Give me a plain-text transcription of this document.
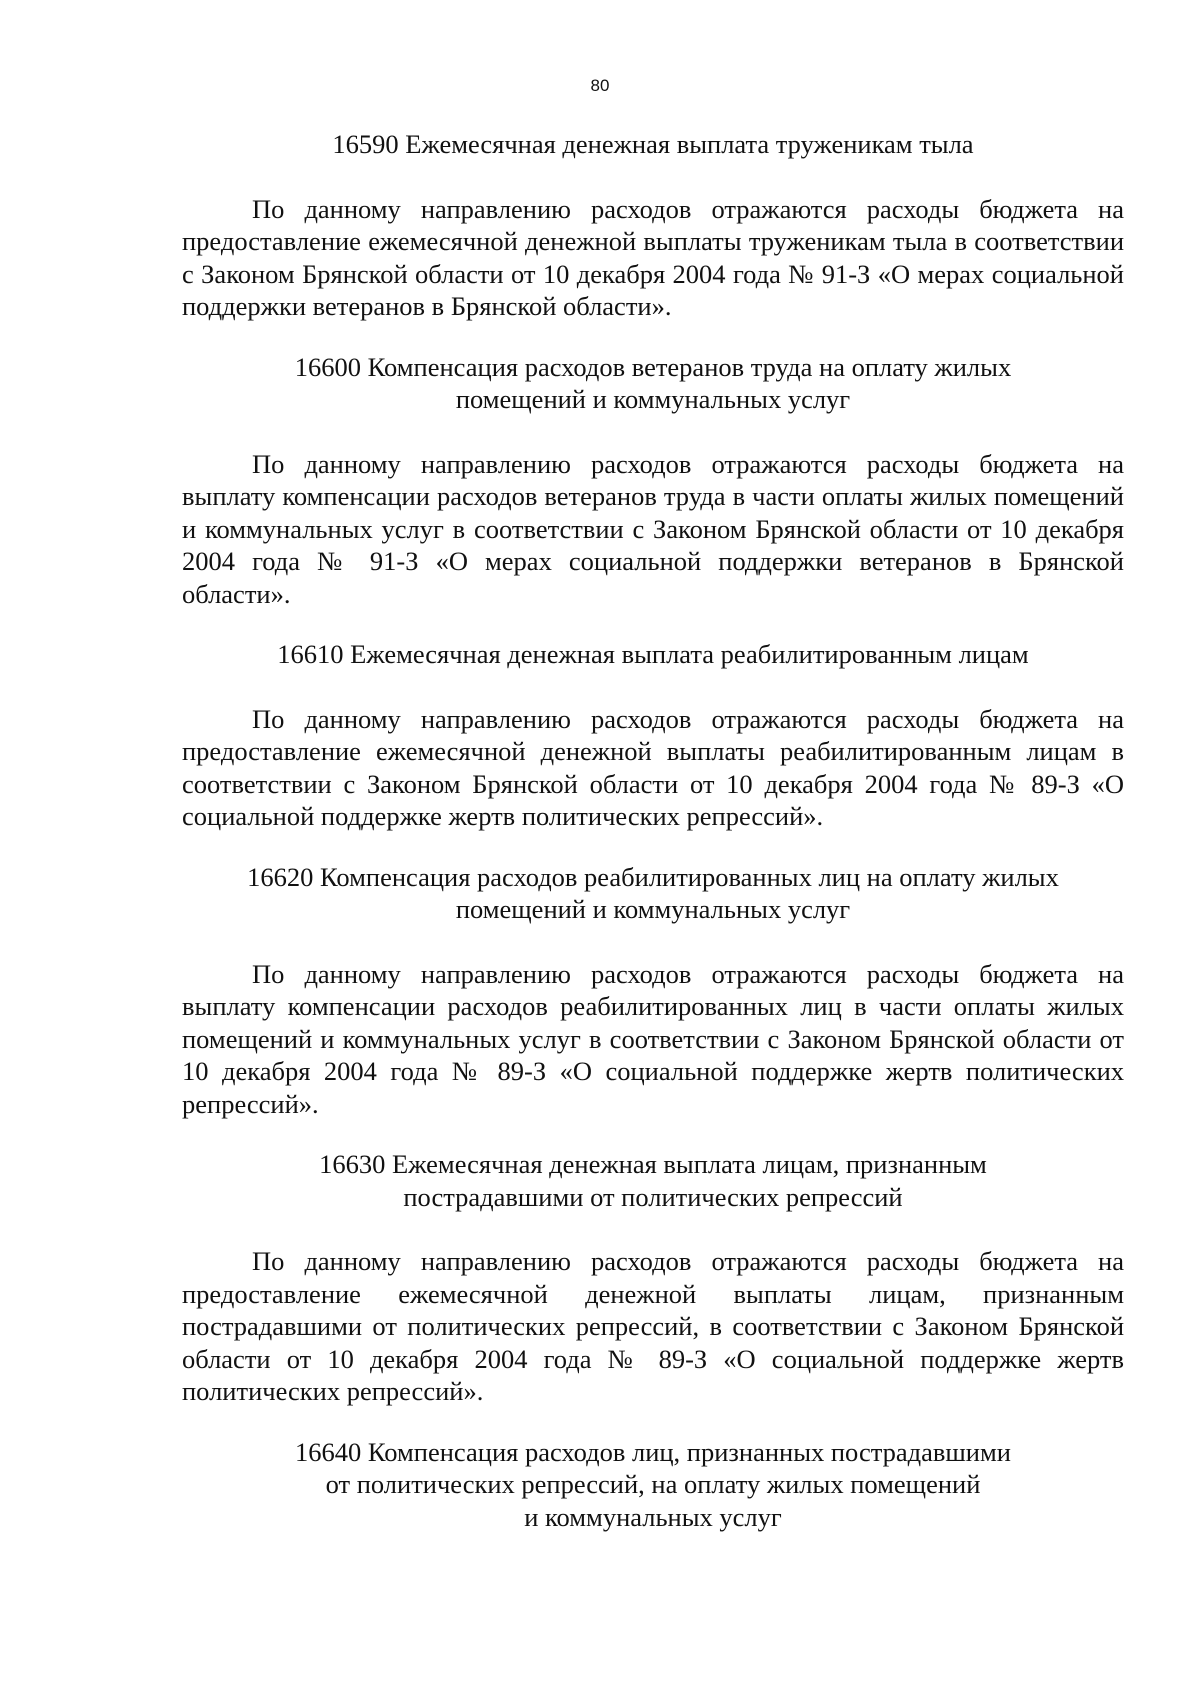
80
16590 Ежемесячная денежная выплата труженикам тыла

По данному направлению расходов отражаются расходы бюджета на предоставление ежемесячной денежной выплаты труженикам тыла в соответствии с Законом Брянской области от 10 декабря 2004 года № 91-З «О мерах социальной поддержки ветеранов в Брянской области».

16600 Компенсация расходов ветеранов труда на оплату жилых
помещений и коммунальных услуг

По данному направлению расходов отражаются расходы бюджета на выплату компенсации расходов ветеранов труда в части оплаты жилых помещений и коммунальных услуг в соответствии с Законом Брянской области от 10 декабря 2004 года № 91-З «О мерах социальной поддержки ветеранов в Брянской области».

16610 Ежемесячная денежная выплата реабилитированным лицам

По данному направлению расходов отражаются расходы бюджета на предоставление ежемесячной денежной выплаты реабилитированным лицам в соответствии с Законом Брянской области от 10 декабря 2004 года № 89-З «О социальной поддержке жертв политических репрессий».

16620 Компенсация расходов реабилитированных лиц на оплату жилых
помещений и коммунальных услуг

По данному направлению расходов отражаются расходы бюджета на выплату компенсации расходов реабилитированных лиц в части оплаты жилых помещений и коммунальных услуг в соответствии с Законом Брянской области от 10 декабря 2004 года № 89-З «О социальной поддержке жертв политических репрессий».

16630 Ежемесячная денежная выплата лицам, признанным
пострадавшими от политических репрессий

По данному направлению расходов отражаются расходы бюджета на предоставление ежемесячной денежной выплаты лицам, признанным пострадавшими от политических репрессий, в соответствии с Законом Брянской области от 10 декабря 2004 года № 89-З «О социальной поддержке жертв политических репрессий».

16640 Компенсация расходов лиц, признанных пострадавшими
от политических репрессий, на оплату жилых помещений
и коммунальных услуг
